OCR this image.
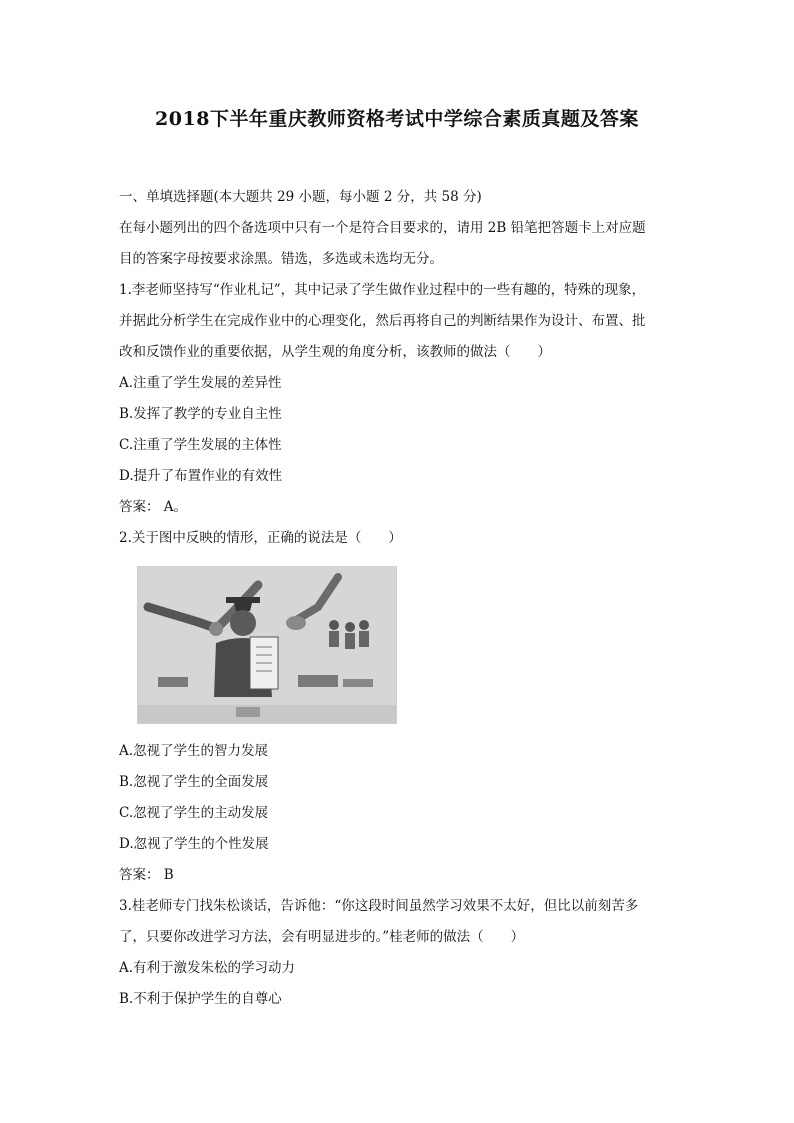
2018下半年重庆教师资格考试中学综合素质真题及答案
一、单填选择题(本大题共 29 小题，每小题 2 分，共 58 分)
在每小题列出的四个备选项中只有一个是符合目要求的，请用 2B 铅笔把答题卡上对应题
目的答案字母按要求涂黑。错选，多选或未选均无分。
1.李老师坚持写“作业札记”，其中记录了学生做作业过程中的一些有趣的，特殊的现象，
并据此分析学生在完成作业中的心理变化，然后再将自己的判断结果作为设计、布置、批
改和反馈作业的重要依据，从学生观的角度分析，该教师的做法（　　）
A.注重了学生发展的差异性
B.发挥了教学的专业自主性
C.注重了学生发展的主体性
D.提升了布置作业的有效性
答案： A。
2.关于图中反映的情形，正确的说法是（　　）
A.忽视了学生的智力发展
B.忽视了学生的全面发展
C.忽视了学生的主动发展
D.忽视了学生的个性发展
答案： B
3.桂老师专门找朱松谈话，告诉他：“你这段时间虽然学习效果不太好，但比以前刻苦多
了，只要你改进学习方法，会有明显进步的。”桂老师的做法（　　）
A.有利于激发朱松的学习动力
B.不利于保护学生的自尊心
